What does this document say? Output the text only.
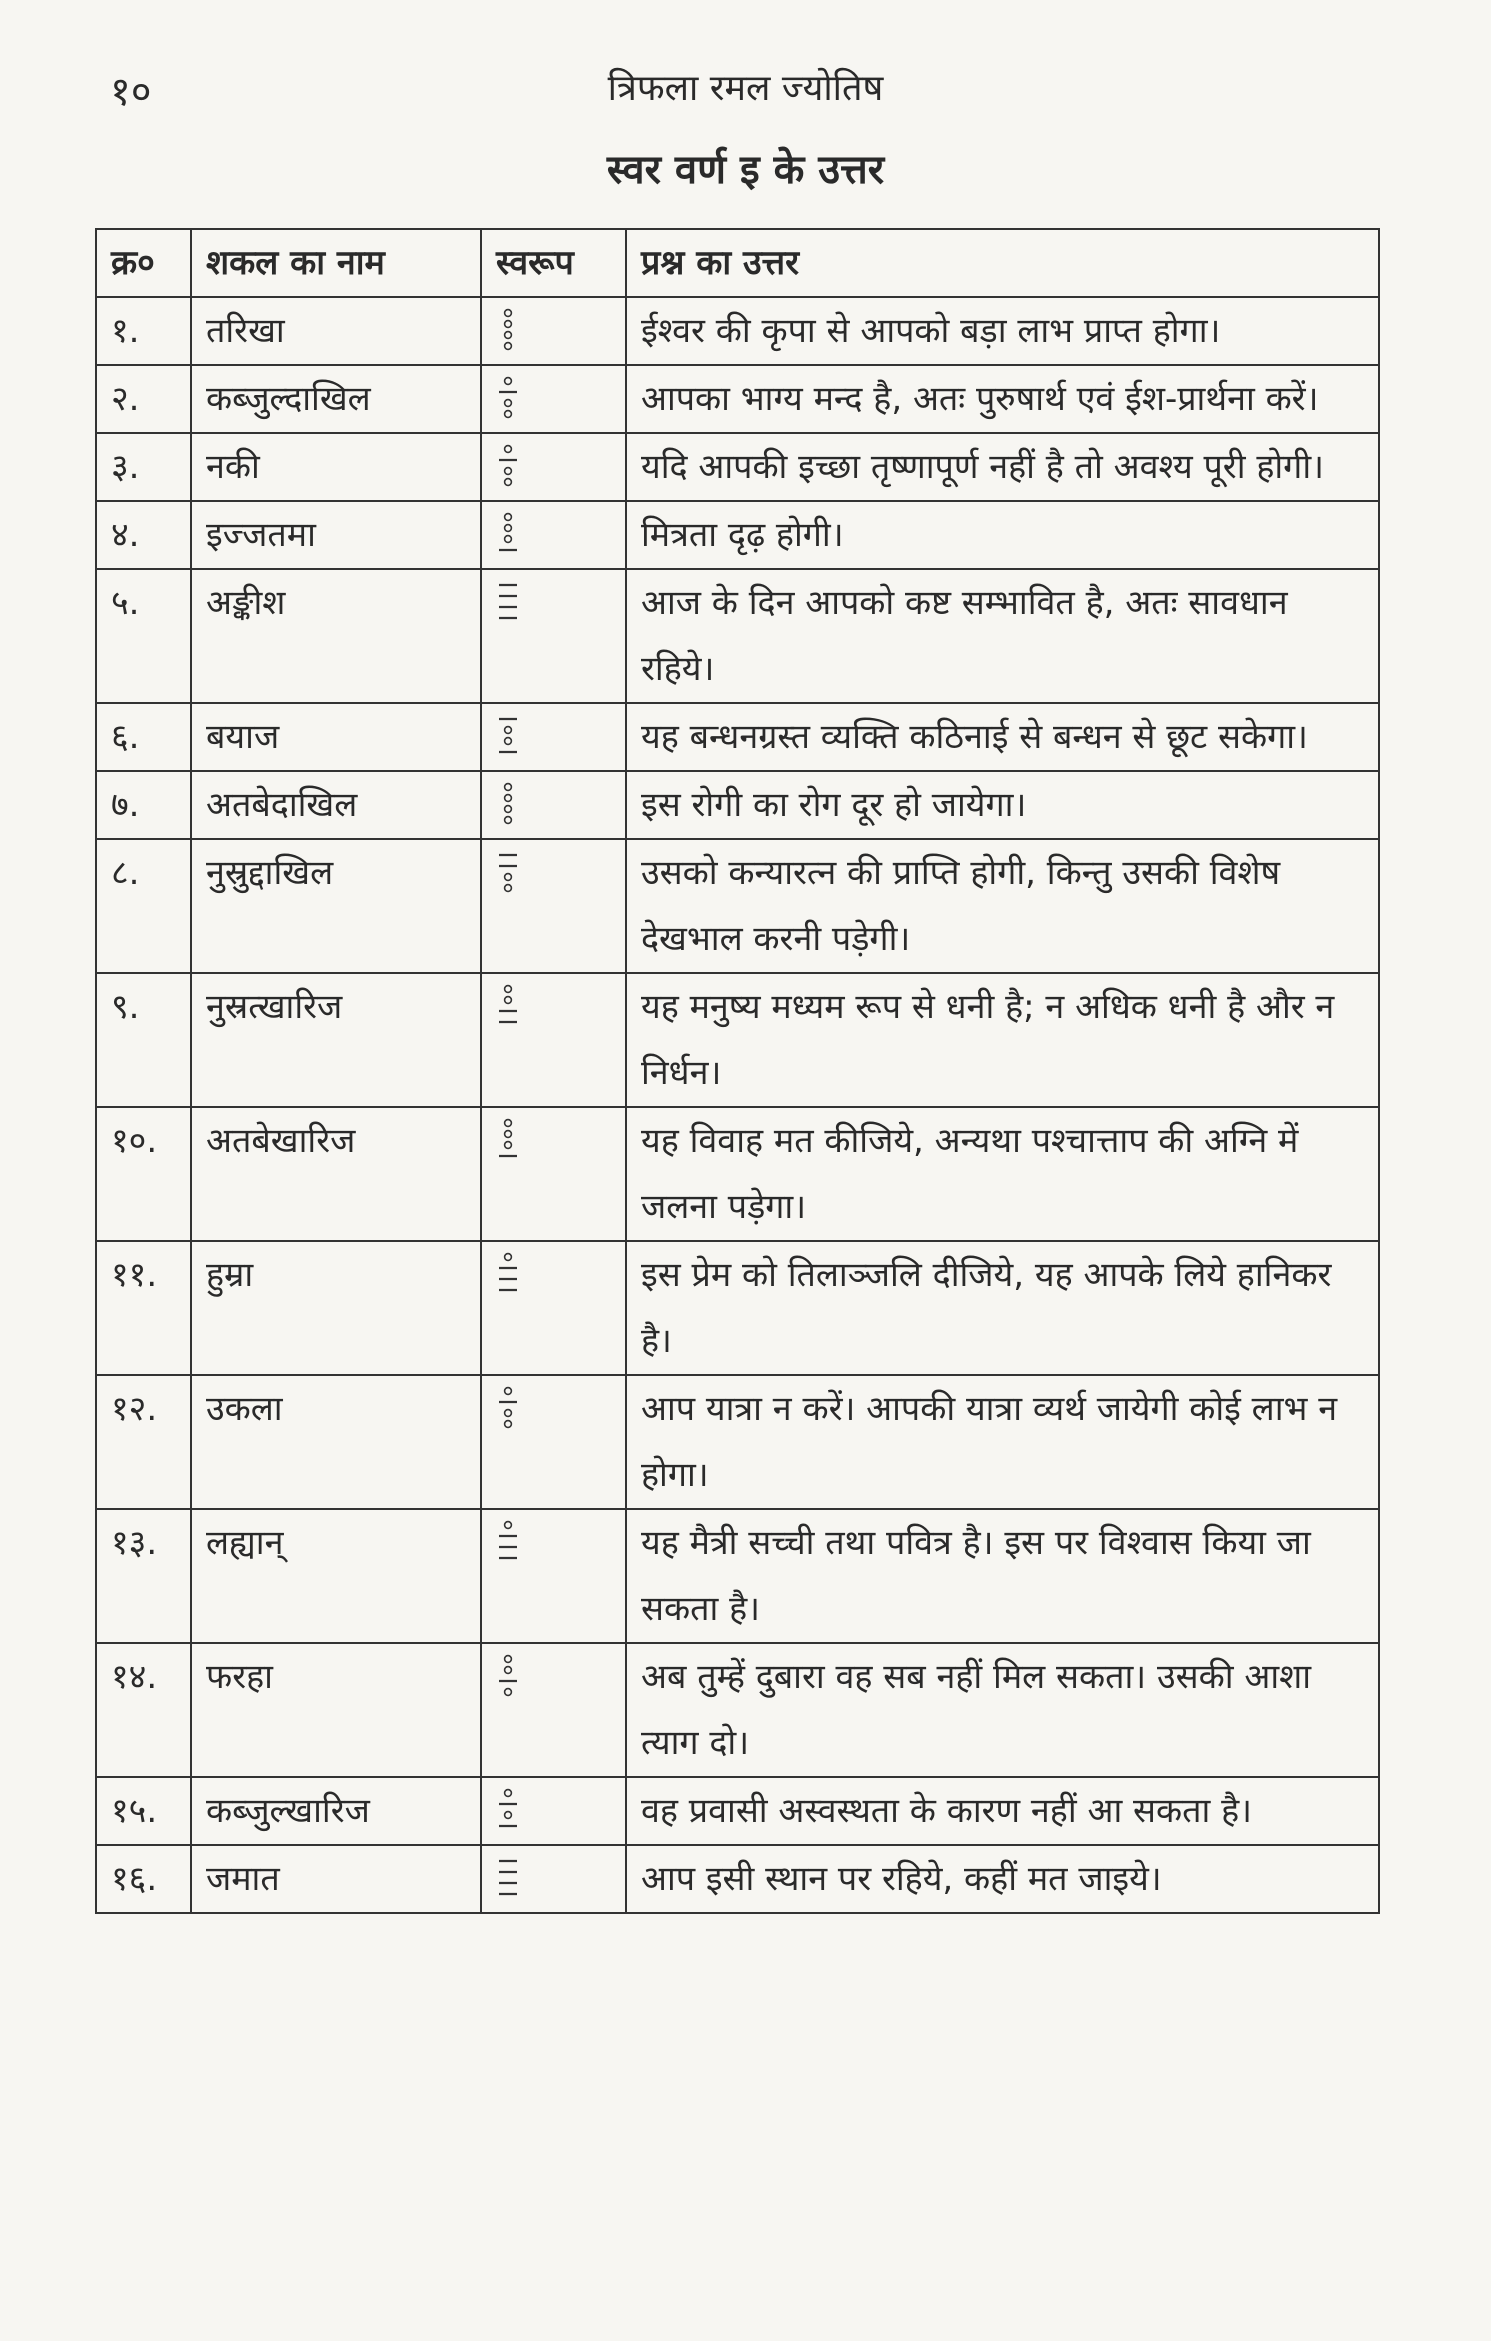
१०	त्रिफला रमल ज्योतिष
स्वर वर्ण इ के उत्तर
क्र०	शकल का नाम	स्वरूप	प्रश्न का उत्तर
१.	तरिखा		ईश्वर की कृपा से आपको बड़ा लाभ प्राप्त होगा।
२.	कब्जुल्दाखिल		आपका भाग्य मन्द है, अतः पुरुषार्थ एवं ईश-प्रार्थना करें।
३.	नकी		यदि आपकी इच्छा तृष्णापूर्ण नहीं है तो अवश्य पूरी होगी।
४.	इज्जतमा		मित्रता दृढ़ होगी।
५.	अङ्कीश		आज के दिन आपको कष्ट सम्भावित है, अतः सावधान रहिये।
६.	बयाज		यह बन्धनग्रस्त व्यक्ति कठिनाई से बन्धन से छूट सकेगा।
७.	अतबेदाखिल		इस रोगी का रोग दूर हो जायेगा।
८.	नुस्रुद्दाखिल		उसको कन्यारत्न की प्राप्ति होगी, किन्तु उसकी विशेष देखभाल करनी पड़ेगी।
९.	नुस्रत्खारिज		यह मनुष्य मध्यम रूप से धनी है; न अधिक धनी है और न निर्धन।
१०.	अतबेखारिज		यह विवाह मत कीजिये, अन्यथा पश्चात्ताप की अग्नि में जलना पड़ेगा।
११.	हुम्रा		इस प्रेम को तिलाञ्जलि दीजिये, यह आपके लिये हानिकर है।
१२.	उकला		आप यात्रा न करें। आपकी यात्रा व्यर्थ जायेगी कोई लाभ न होगा।
१३.	लह्यान्		यह मैत्री सच्ची तथा पवित्र है। इस पर विश्वास किया जा सकता है।
१४.	फरहा		अब तुम्हें दुबारा वह सब नहीं मिल सकता। उसकी आशा त्याग दो।
१५.	कब्जुल्खारिज		वह प्रवासी अस्वस्थता के कारण नहीं आ सकता है।
१६.	जमात		आप इसी स्थान पर रहिये, कहीं मत जाइये।
